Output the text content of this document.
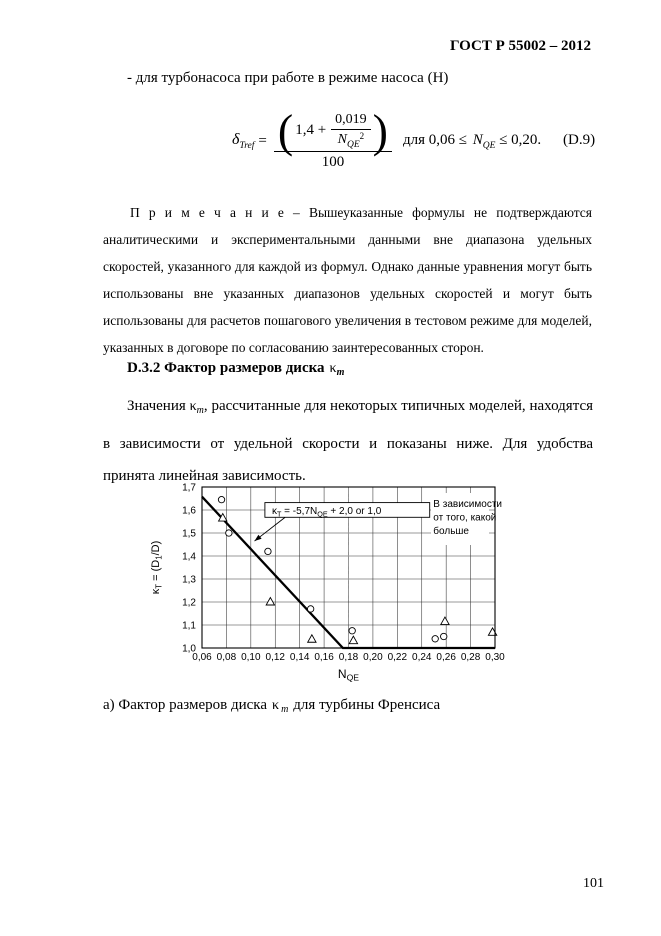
ГОСТ Р 55002 – 2012

- для турбонасоса при работе в режиме насоса (Н)

$\delta_{Tref}$ = ( $1,4 + \frac{0,019}{N_{QE}^2}$ )
100
для $0,06 \le N_{QE} \le 0,20$. (D.9)

П р и м е ч а н и е – Вышеуказанные формулы не подтверждаются аналитическими и экспериментальными данными вне диапазона удельных скоростей, указанного для каждой из формул. Однако данные уравнения могут быть использованы вне указанных диапазонов удельных скоростей и могут быть использованы для расчетов пошагового увеличения в тестовом режиме для моделей, указанных в договоре по согласованию заинтересованных сторон.

D.3.2 Фактор размеров диска $\kappa_т$

Значения $\kappa_т$, рассчитанные для некоторых типичных моделей, находятся в зависимости от удельной скорости и показаны ниже. Для удобства принята линейная зависимость.

$\kappa_T = -5,7N_{QE} + 2,0$ or 1,0
В зависимости
от того, какой
больше
0,06 0,08 0,10 0,12 0,14 0,16 0,18 0,20 0,22 0,24 0,26 0,28 0,30
1,0
1,1
1,2
1,3
1,4
1,5
1,6
1,7
$\kappa_T = (D_1/D)$
$N_{QE}$

а) Фактор размеров диска κ $_т$ для турбины Френсиса

101
